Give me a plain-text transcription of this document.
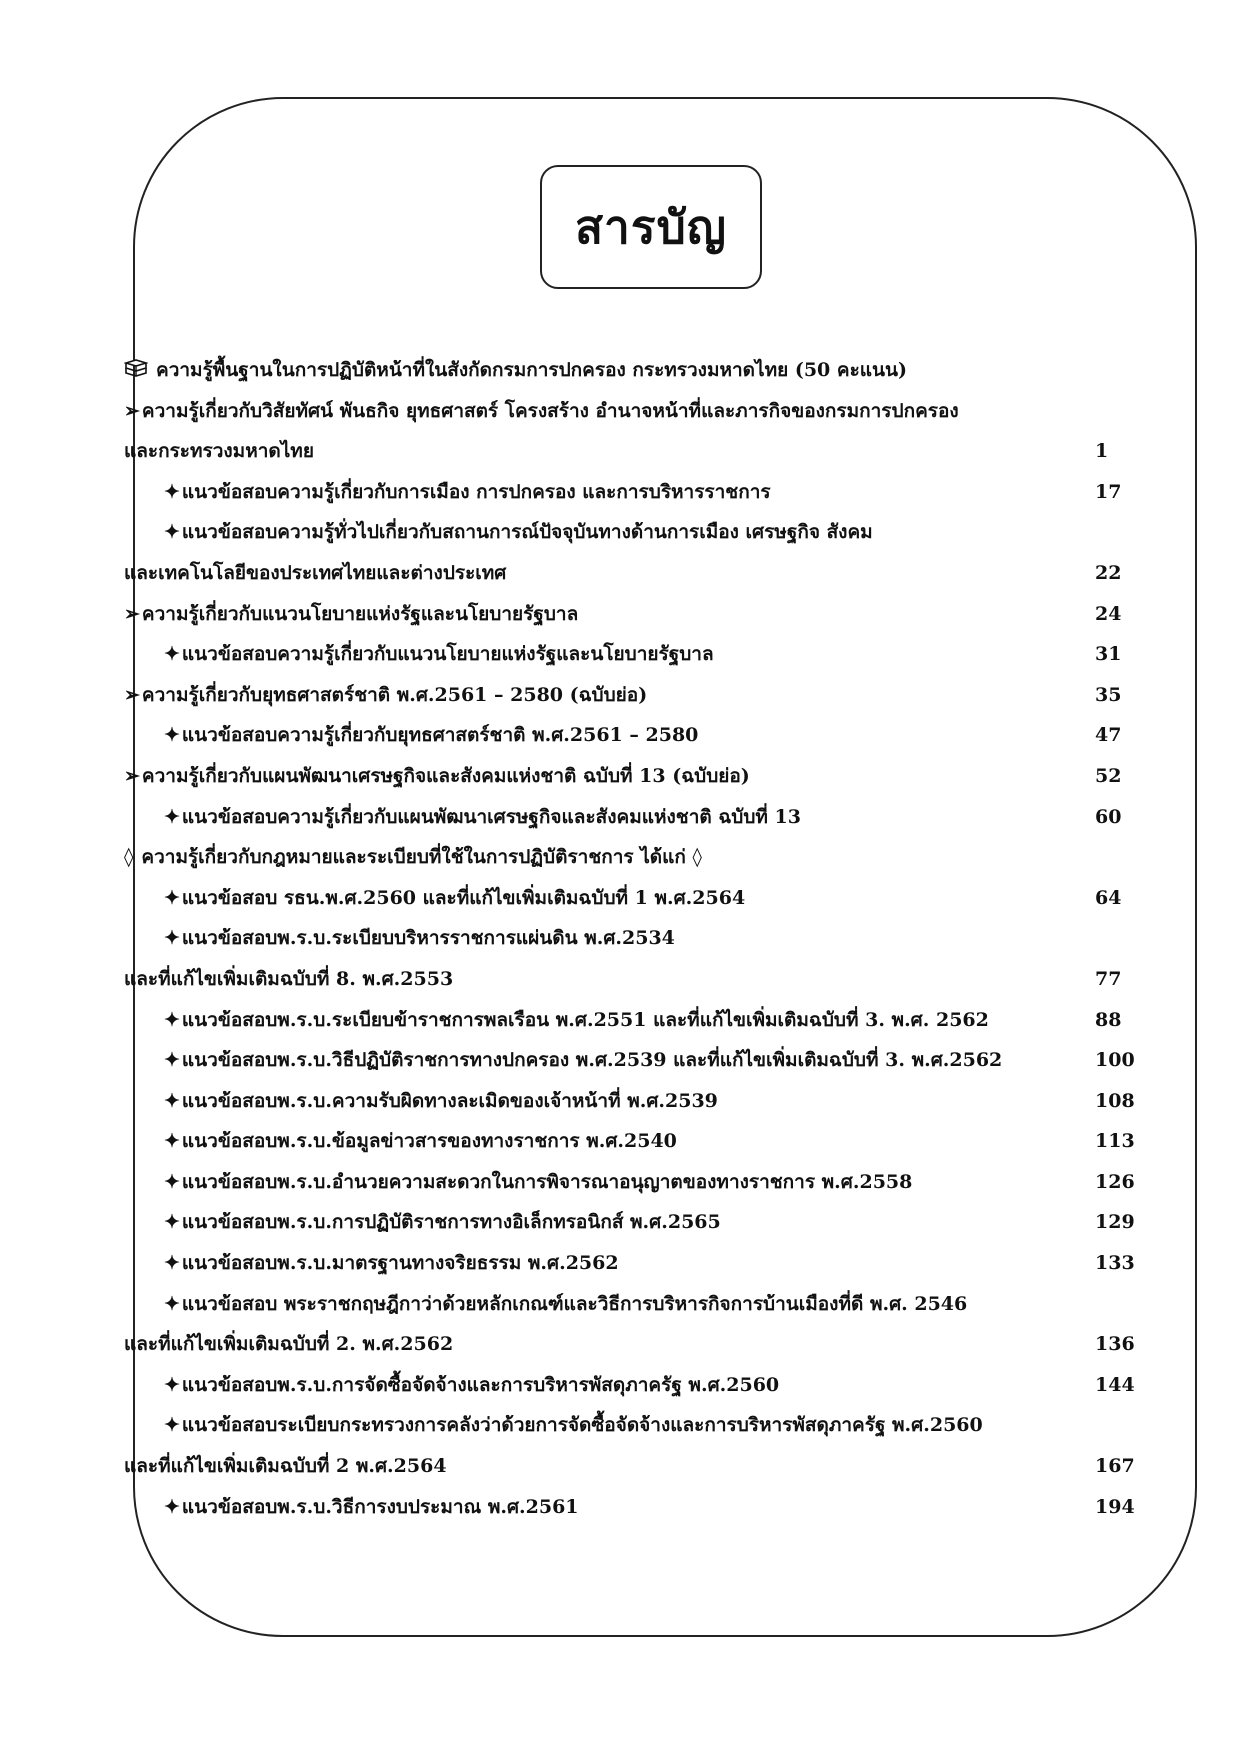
สารบัญ
ความรู้พื้นฐานในการปฏิบัติหน้าที่ในสังกัดกรมการปกครอง กระทรวงมหาดไทย (50 คะแนน)
➢ ความรู้เกี่ยวกับวิสัยทัศน์ พันธกิจ ยุทธศาสตร์ โครงสร้าง อำนาจหน้าที่และภารกิจของกรมการปกครอง
และกระทรวงมหาดไทย	1
✦ แนวข้อสอบความรู้เกี่ยวกับการเมือง การปกครอง และการบริหารราชการ	17
✦ แนวข้อสอบความรู้ทั่วไปเกี่ยวกับสถานการณ์ปัจจุบันทางด้านการเมือง เศรษฐกิจ สังคม
และเทคโนโลยีของประเทศไทยและต่างประเทศ	22
➢ ความรู้เกี่ยวกับแนวนโยบายแห่งรัฐและนโยบายรัฐบาล	24
✦ แนวข้อสอบความรู้เกี่ยวกับแนวนโยบายแห่งรัฐและนโยบายรัฐบาล	31
➢ ความรู้เกี่ยวกับยุทธศาสตร์ชาติ พ.ศ.2561 – 2580 (ฉบับย่อ)	35
✦ แนวข้อสอบความรู้เกี่ยวกับยุทธศาสตร์ชาติ พ.ศ.2561 – 2580	47
➢ ความรู้เกี่ยวกับแผนพัฒนาเศรษฐกิจและสังคมแห่งชาติ ฉบับที่ 13 (ฉบับย่อ)	52
✦ แนวข้อสอบความรู้เกี่ยวกับแผนพัฒนาเศรษฐกิจและสังคมแห่งชาติ ฉบับที่ 13	60
◊ ความรู้เกี่ยวกับกฎหมายและระเบียบที่ใช้ในการปฏิบัติราชการ ได้แก่ ◊
✦ แนวข้อสอบ รธน.พ.ศ.2560 และที่แก้ไขเพิ่มเติมฉบับที่ 1 พ.ศ.2564	64
✦ แนวข้อสอบพ.ร.บ.ระเบียบบริหารราชการแผ่นดิน พ.ศ.2534
และที่แก้ไขเพิ่มเติมฉบับที่ 8. พ.ศ.2553	77
✦ แนวข้อสอบพ.ร.บ.ระเบียบข้าราชการพลเรือน พ.ศ.2551 และที่แก้ไขเพิ่มเติมฉบับที่ 3. พ.ศ. 2562	88
✦ แนวข้อสอบพ.ร.บ.วิธีปฏิบัติราชการทางปกครอง พ.ศ.2539 และที่แก้ไขเพิ่มเติมฉบับที่ 3. พ.ศ.2562	100
✦ แนวข้อสอบพ.ร.บ.ความรับผิดทางละเมิดของเจ้าหน้าที่ พ.ศ.2539	108
✦ แนวข้อสอบพ.ร.บ.ข้อมูลข่าวสารของทางราชการ พ.ศ.2540	113
✦ แนวข้อสอบพ.ร.บ.อำนวยความสะดวกในการพิจารณาอนุญาตของทางราชการ พ.ศ.2558	126
✦ แนวข้อสอบพ.ร.บ.การปฏิบัติราชการทางอิเล็กทรอนิกส์ พ.ศ.2565	129
✦ แนวข้อสอบพ.ร.บ.มาตรฐานทางจริยธรรม พ.ศ.2562	133
✦ แนวข้อสอบ พระราชกฤษฎีกาว่าด้วยหลักเกณฑ์และวิธีการบริหารกิจการบ้านเมืองที่ดี พ.ศ. 2546
และที่แก้ไขเพิ่มเติมฉบับที่ 2. พ.ศ.2562	136
✦ แนวข้อสอบพ.ร.บ.การจัดซื้อจัดจ้างและการบริหารพัสดุภาครัฐ พ.ศ.2560	144
✦ แนวข้อสอบระเบียบกระทรวงการคลังว่าด้วยการจัดซื้อจัดจ้างและการบริหารพัสดุภาครัฐ พ.ศ.2560
และที่แก้ไขเพิ่มเติมฉบับที่ 2 พ.ศ.2564	167
✦ แนวข้อสอบพ.ร.บ.วิธีการงบประมาณ พ.ศ.2561	194
